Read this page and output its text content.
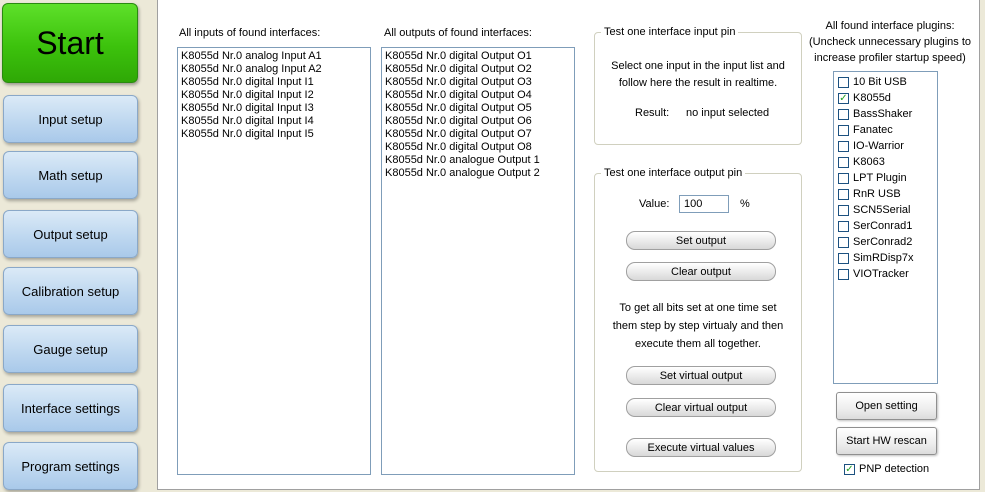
Start
Input setup
Math setup
Output setup
Calibration setup
Gauge setup
Interface settings
Program settings
All inputs of found interfaces:
K8055d Nr.0 analog Input A1
K8055d Nr.0 analog Input A2
K8055d Nr.0 digital Input I1
K8055d Nr.0 digital Input I2
K8055d Nr.0 digital Input I3
K8055d Nr.0 digital Input I4
K8055d Nr.0 digital Input I5
All outputs of found interfaces:
K8055d Nr.0 digital Output O1
K8055d Nr.0 digital Output O2
K8055d Nr.0 digital Output O3
K8055d Nr.0 digital Output O4
K8055d Nr.0 digital Output O5
K8055d Nr.0 digital Output O6
K8055d Nr.0 digital Output O7
K8055d Nr.0 digital Output O8
K8055d Nr.0 analogue Output 1
K8055d Nr.0 analogue Output 2
Test one interface input pin
Select one input in the input list and
follow here the result in realtime.
Result: no input selected
Test one interface output pin
Value:	100	%
Set output
Clear output
To get all bits set at one time set
them step by step virtualy and then
execute them all together.
Set virtual output
Clear virtual output
Execute virtual values
All found interface plugins:
(Uncheck unnecessary plugins to
increase profiler startup speed)
10 Bit USB
✓ K8055d
BassShaker
Fanatec
IO-Warrior
K8063
LPT Plugin
RnR USB
SCN5Serial
SerConrad1
SerConrad2
SimRDisp7x
VIOTracker
Open setting
Start HW rescan
✓ PNP detection
